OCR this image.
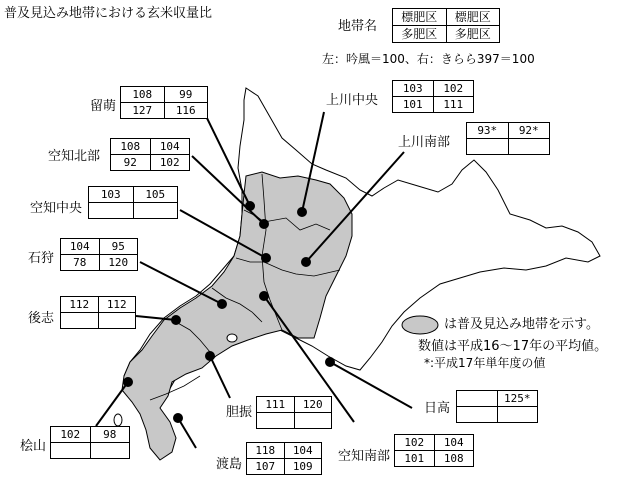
普及見込み地帯における玄米収量比
地帯名
標肥区	標肥区
多肥区	多肥区
左：吟風＝100、右：きらら397＝100
は普及見込み地帯を示す。
数値は平成16～17年の平均値。
*:平成17年単年度の値
留萌
108	99
127	116
上川中央
103	102
101	111
空知北部
108	104
92	102
上川南部
93*	92*

空知中央
103	105

石狩
104	95
78	120
後志
112	112

胆振
111	120
		日高
	125*

桧山
102	98

渡島
118	104
107	109
空知南部
102	104
101	108
